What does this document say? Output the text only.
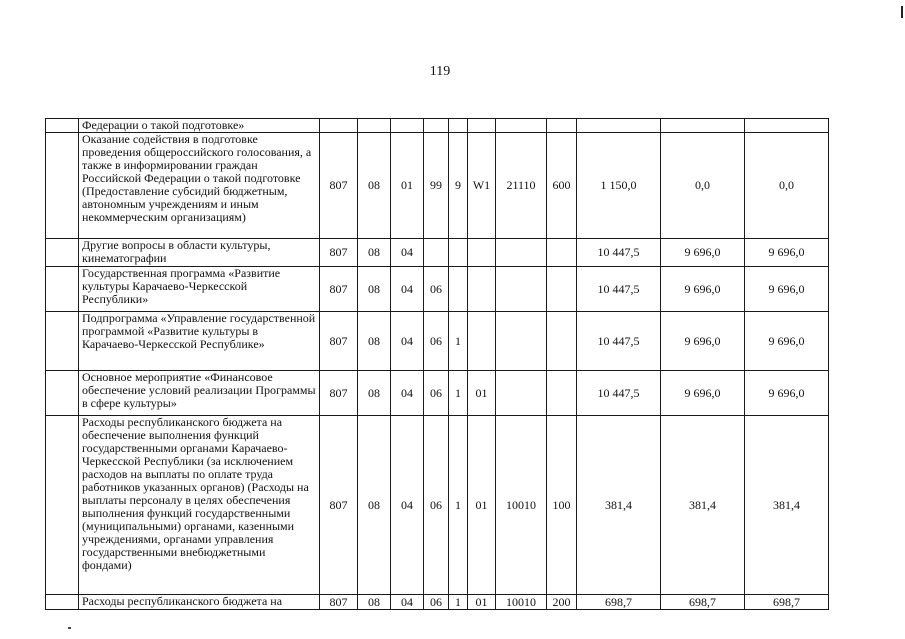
119
	Федерации о такой подготовке»											
	Оказание содействия в подготовке проведения общероссийского голосования, а также в информировании граждан Российской Федерации о такой подготовке (Предоставление субсидий бюджетным, автономным учреждениям и иным некоммерческим организациям)	807	08	01	99	9	W1	21110	600	1 150,0	0,0	0,0
	Другие вопросы в области культуры, кинематографии	807	08	04						10 447,5	9 696,0	9 696,0
	Государственная программа «Развитие культуры Карачаево-Черкесской Республики»	807	08	04	06					10 447,5	9 696,0	9 696,0
	Подпрограмма «Управление государственной программой «Развитие культуры в Карачаево-Черкесской Республике»	807	08	04	06	1				10 447,5	9 696,0	9 696,0
	Основное мероприятие «Финансовое обеспечение условий реализации Программы в сфере культуры»	807	08	04	06	1	01			10 447,5	9 696,0	9 696,0
	Расходы республиканского бюджета на обеспечение выполнения функций государственными органами Карачаево-Черкесской Республики (за исключением расходов на выплаты по оплате труда работников указанных органов) (Расходы на выплаты персоналу в целях обеспечения выполнения функций государственными (муниципальными) органами, казенными учреждениями, органами управления государственными внебюджетными фондами)	807	08	04	06	1	01	10010	100	381,4	381,4	381,4
	Расходы республиканского бюджета на	807	08	04	06	1	01	10010	200	698,7	698,7	698,7
